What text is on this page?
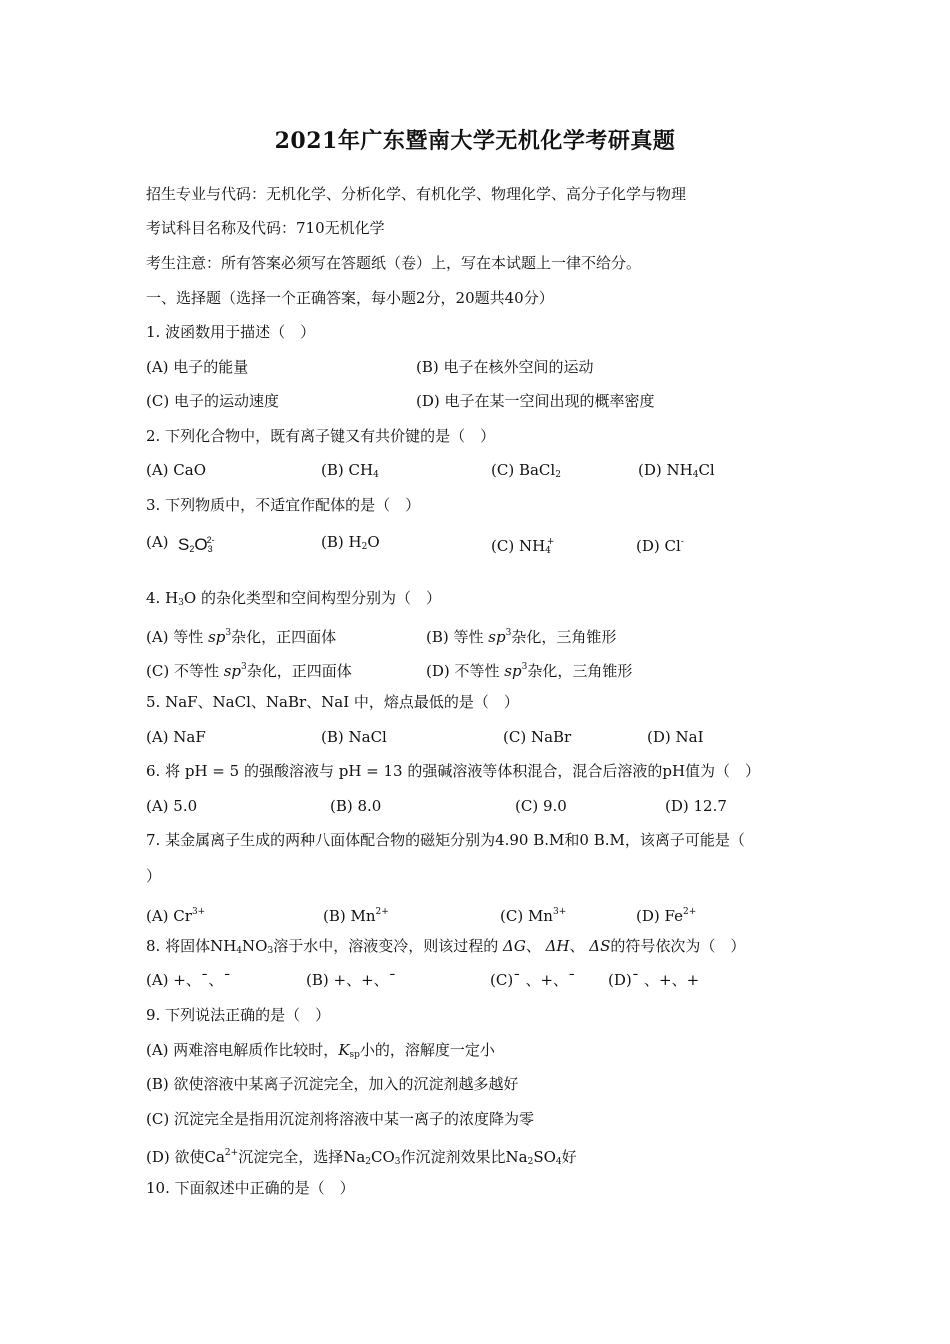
2021年广东暨南大学无机化学考研真题
招生专业与代码：无机化学、分析化学、有机化学、物理化学、高分子化学与物理
考试科目名称及代码：710无机化学
考生注意：所有答案必须写在答题纸（卷）上，写在本试题上一律不给分。
一、选择题（选择一个正确答案，每小题2分，20题共40分）
1. 波函数用于描述（　）
(A) 电子的能量	(B) 电子在核外空间的运动
(C) 电子的运动速度	(D) 电子在某一空间出现的概率密度
2. 下列化合物中，既有离子键又有共价键的是（　）
(A) CaO	(B) $CH_4$	(C) BaCl$_2$	(D) $NH_4Cl$
3. 下列物质中，不适宜作配体的是（　）
(A) $S_2O_3^{2-}$	(B) $H_2O$	(C) $NH_4^+$	(D) Cl-
4. $H_3O$ 的杂化类型和空间构型分别为（　）
(A) 等性 $sp^3$杂化，正四面体	(B) 等性 $sp^3$杂化，三角锥形
(C) 不等性 $sp^3$杂化，正四面体	(D) 不等性 $sp^3$杂化，三角锥形
5. NaF、NaCl、NaBr、NaI 中，熔点最低的是（　）
(A) NaF	(B) NaCl	(C) NaBr	(D) NaI
6. 将 pH = 5 的强酸溶液与 pH = 13 的强碱溶液等体积混合，混合后溶液的pH值为（　）
(A) 5.0	(B) 8.0	(C) 9.0	(D) 12.7
7. 某金属离子生成的两种八面体配合物的磁矩分别为4.90 B.M和0 B.M，该离子可能是（
）
(A) $Cr^{3+}$	(B) $Mn^{2+}$	(C) $Mn^{3+}$	(D) $Fe^{2+}$
8. 将固体$NH_4NO_3$溶于水中，溶液变冷，则该过程的 ΔG、 ΔH、 ΔS的符号依次为（　）
(A) +、ˉ、ˉ	(B) +、+、ˉ	(C)ˉ 、+、ˉ (D)ˉ 、+、+
9. 下列说法正确的是（　）
(A) 两难溶电解质作比较时，$K_{sp}$小的，溶解度一定小
(B) 欲使溶液中某离子沉淀完全，加入的沉淀剂越多越好
(C) 沉淀完全是指用沉淀剂将溶液中某一离子的浓度降为零
(D) 欲使$Ca^{2+}$沉淀完全，选择$Na_2CO_3$作沉淀剂效果比$Na_2SO_4$好
10. 下面叙述中正确的是（　）
